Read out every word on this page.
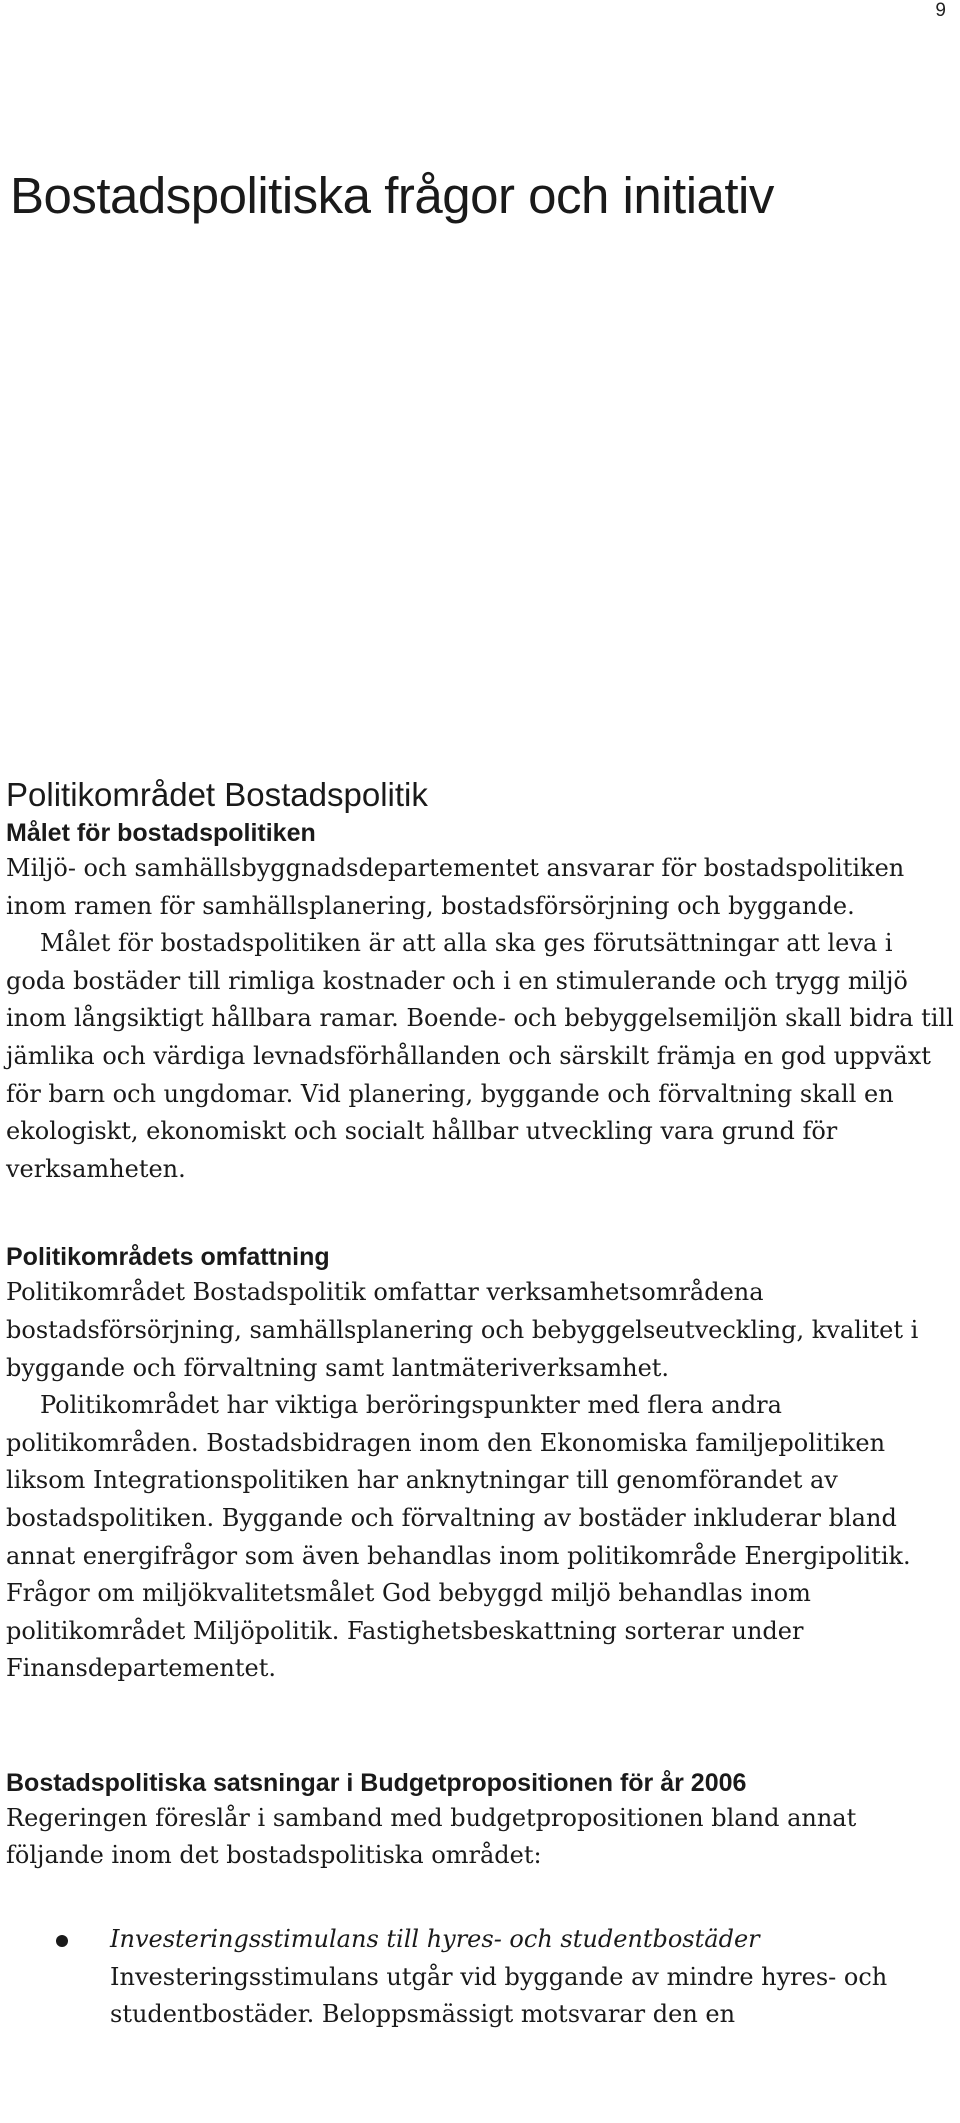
9
Bostadspolitiska frågor och initiativ
Politikområdet Bostadspolitik
Målet för bostadspolitiken

Miljö- och samhällsbyggnadsdepartementet ansvarar för bostadspolitiken inom ramen för samhällsplanering, bostadsförsörjning och byggande.

Målet för bostadspolitiken är att alla ska ges förutsättningar att leva i goda bostäder till rimliga kostnader och i en stimulerande och trygg miljö inom långsiktigt hållbara ramar. Boende- och bebyggelsemiljön skall bidra till jämlika och värdiga levnadsförhållanden och särskilt främja en god uppväxt för barn och ungdomar. Vid planering, byggande och förvaltning skall en ekologiskt, ekonomiskt och socialt hållbar utveckling vara grund för verksamheten.

Politikområdets omfattning

Politikområdet Bostadspolitik omfattar verksamhetsområdena bostadsförsörjning, samhällsplanering och bebyggelseutveckling, kvalitet i byggande och förvaltning samt lantmäteriverksamhet.

Politikområdet har viktiga beröringspunkter med flera andra politikområden. Bostadsbidragen inom den Ekonomiska familjepolitiken liksom Integrationspolitiken har anknytningar till genomförandet av bostadspolitiken. Byggande och förvaltning av bostäder inkluderar bland annat energifrågor som även behandlas inom politikområde Energipolitik. Frågor om miljökvalitetsmålet God bebyggd miljö behandlas inom politikområdet Miljöpolitik. Fastighetsbeskattning sorterar under Finansdepartementet.

Bostadspolitiska satsningar i Budgetpropositionen för år 2006

Regeringen föreslår i samband med budgetpropositionen bland annat följande inom det bostadspolitiska området:

Investeringsstimulans till hyres- och studentbostäder

Investeringsstimulans utgår vid byggande av mindre hyres- och studentbostäder. Beloppsmässigt motsvarar den en
